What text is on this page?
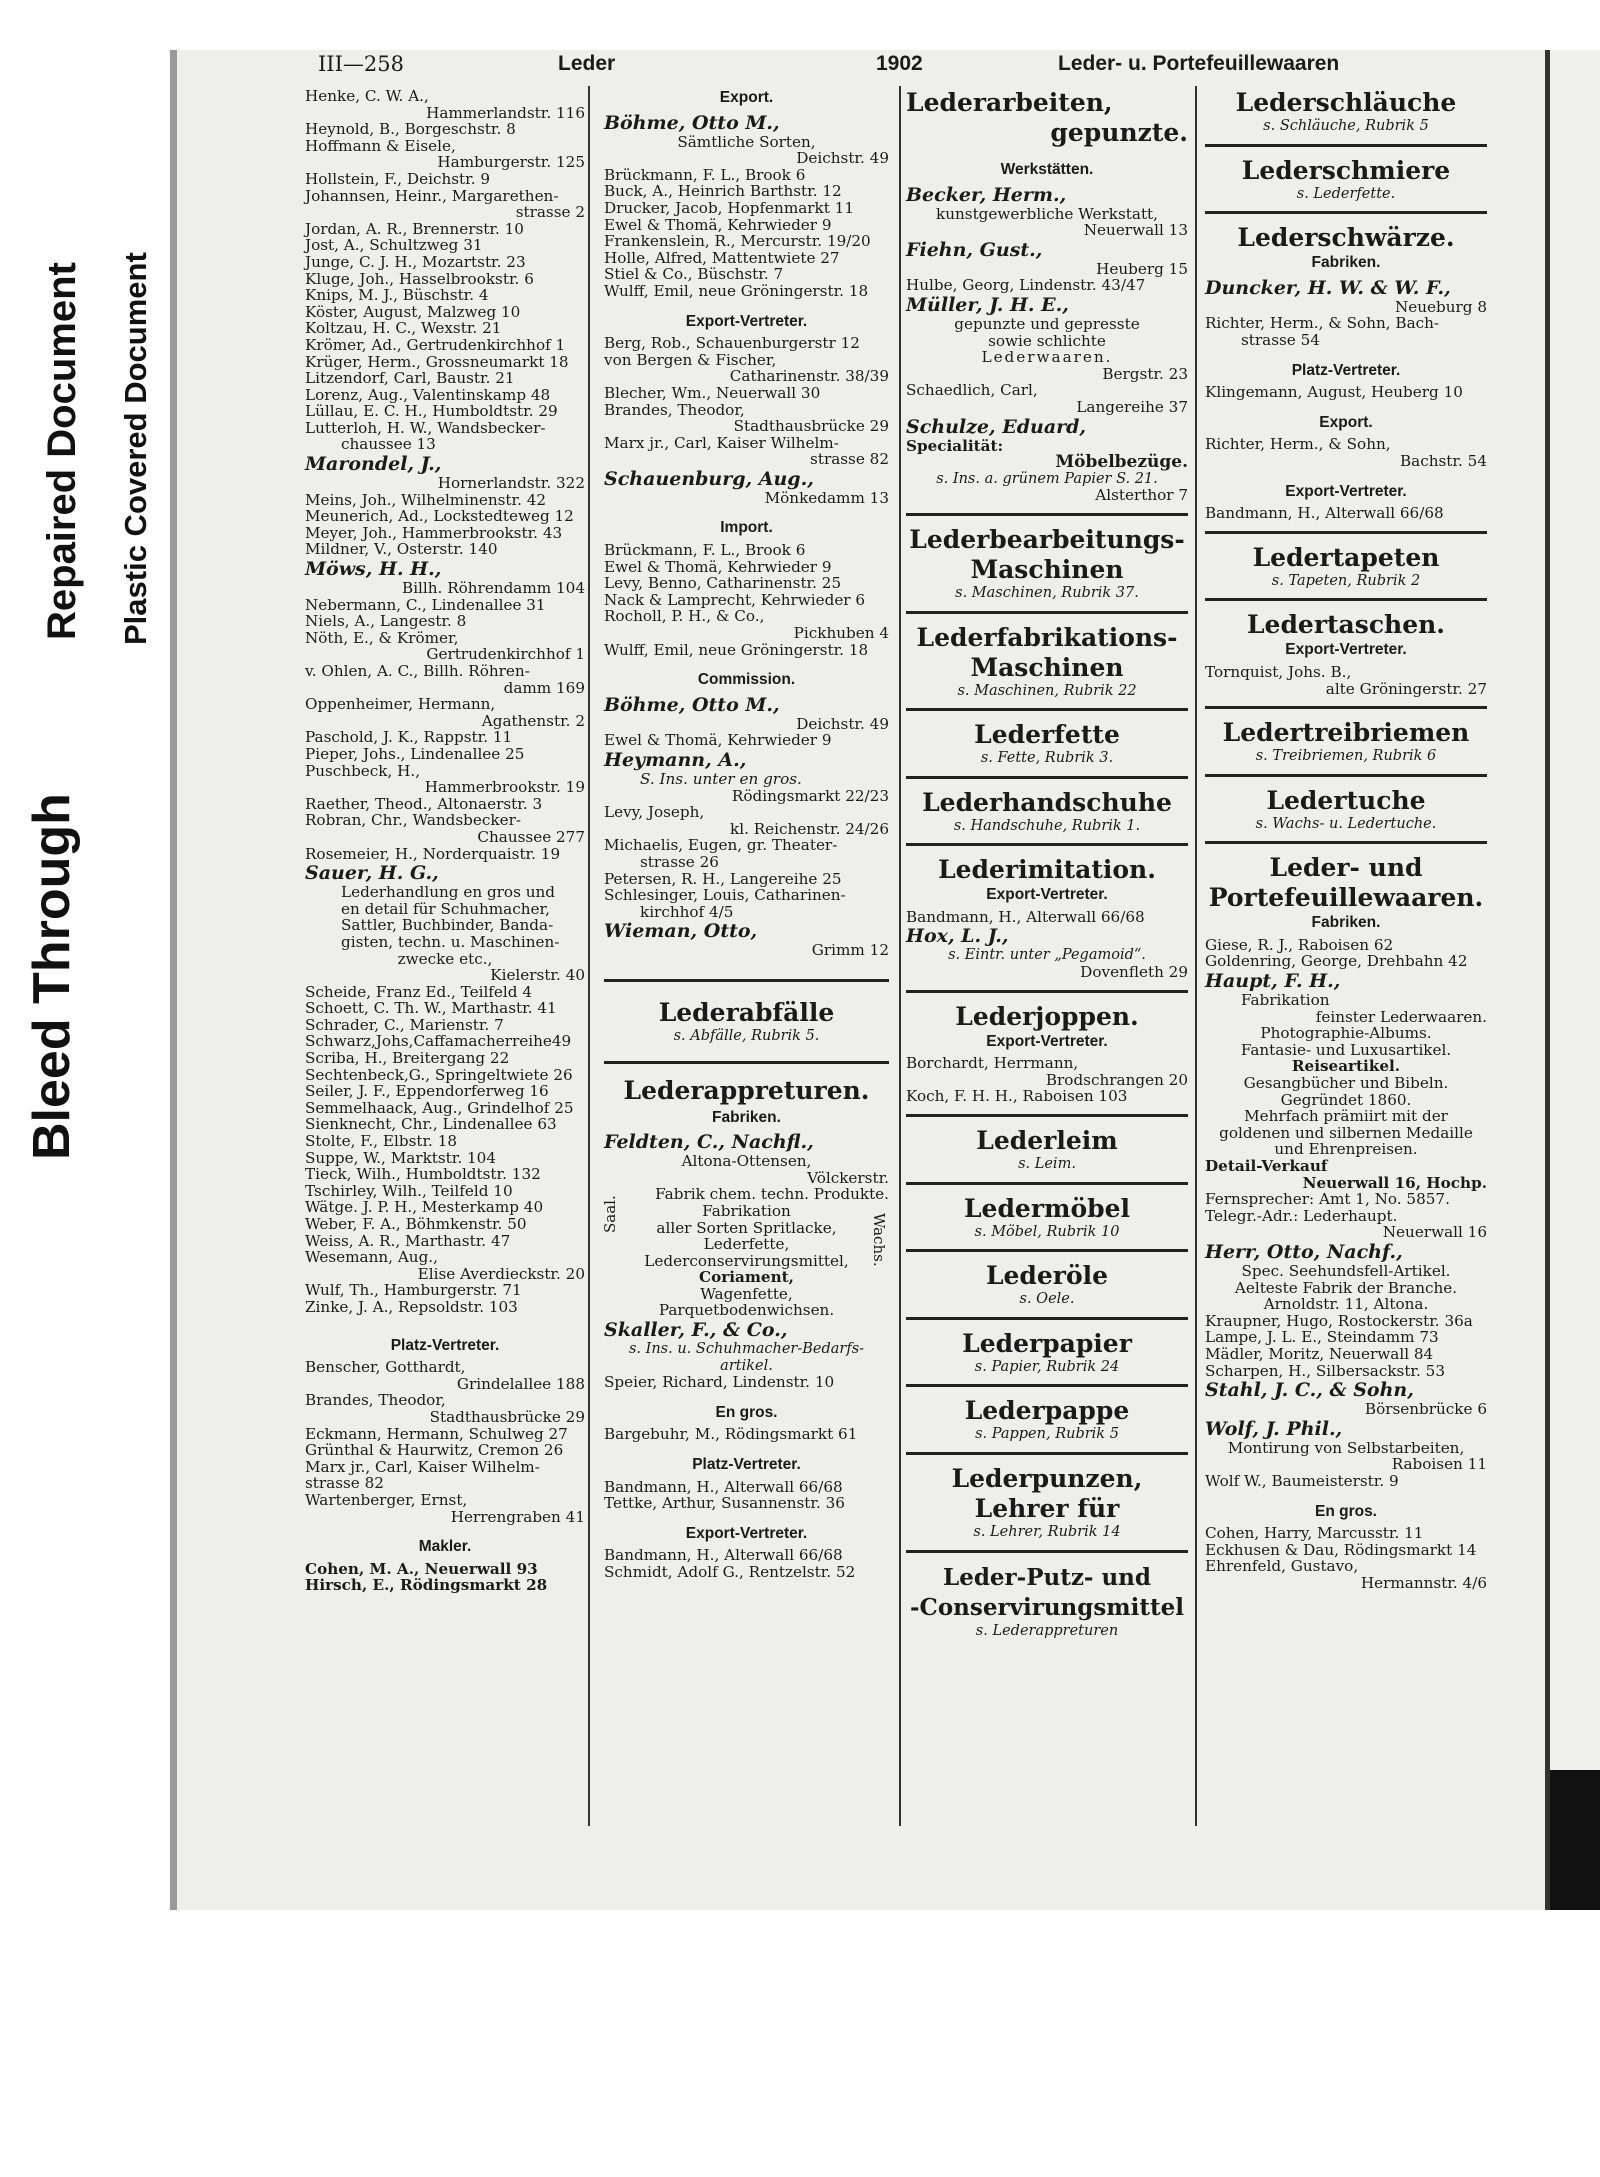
Bleed Through
Repaired Document Plastic Covered Document
III—258	Leder	1902	Leder- u. Portefeuillewaaren
Henke, C. W. A.,
Hammerlandstr. 116
Heynold, B., Borgeschstr. 8
Hoffmann & Eisele,
Hamburgerstr. 125
Hollstein, F., Deichstr. 9
Johannsen, Heinr., Margarethen-
strasse 2
Jordan, A. R., Brennerstr. 10
Jost, A., Schultzweg 31
Junge, C. J. H., Mozartstr. 23
Kluge, Joh., Hasselbrookstr. 6
Knips, M. J., Büschstr. 4
Köster, August, Malzweg 10
Koltzau, H. C., Wexstr. 21
Krömer, Ad., Gertrudenkirchhof 1
Krüger, Herm., Grossneumarkt 18
Litzendorf, Carl, Baustr. 21
Lorenz, Aug., Valentinskamp 48
Lüllau, E. C. H., Humboldtstr. 29
Lutterloh, H. W., Wandsbecker-
chaussee 13
Marondel, J.,
Hornerlandstr. 322
Meins, Joh., Wilhelminenstr. 42
Meunerich, Ad., Lockstedteweg 12
Meyer, Joh., Hammerbrookstr. 43
Mildner, V., Osterstr. 140
Möws, H. H.,
Billh. Röhrendamm 104
Nebermann, C., Lindenallee 31
Niels, A., Langestr. 8
Nöth, E., & Krömer,
Gertrudenkirchhof 1
v. Ohlen, A. C., Billh. Röhren-
damm 169
Oppenheimer, Hermann,
Agathenstr. 2
Paschold, J. K., Rappstr. 11
Pieper, Johs., Lindenallee 25
Puschbeck, H.,
Hammerbrookstr. 19
Raether, Theod., Altonaerstr. 3
Robran, Chr., Wandsbecker-
Chaussee 277
Rosemeier, H., Norderquaistr. 19
Sauer, H. G.,
Lederhandlung en gros und
en detail für Schuhmacher,
Sattler, Buchbinder, Banda-
gisten, techn. u. Maschinen-
zwecke etc.,
Kielerstr. 40
Scheide, Franz Ed., Teilfeld 4
Schoett, C. Th. W., Marthastr. 41
Schrader, C., Marienstr. 7
Schwarz,Johs,Caffamacherreihe49
Scriba, H., Breitergang 22
Sechtenbeck,G., Springeltwiete 26
Seiler, J. F., Eppendorferweg 16
Semmelhaack, Aug., Grindelhof 25
Sienknecht, Chr., Lindenallee 63
Stolte, F., Elbstr. 18
Suppe, W., Marktstr. 104
Tieck, Wilh., Humboldtstr. 132
Tschirley, Wilh., Teilfeld 10
Wätge. J. P. H., Mesterkamp 40
Weber, F. A., Böhmkenstr. 50
Weiss, A. R., Marthastr. 47
Wesemann, Aug.,
Elise Averdieckstr. 20
Wulf, Th., Hamburgerstr. 71
Zinke, J. A., Repsoldstr. 103
Platz-Vertreter.
Benscher, Gotthardt,
Grindelallee 188
Brandes, Theodor,
Stadthausbrücke 29
Eckmann, Hermann, Schulweg 27
Grünthal & Haurwitz, Cremon 26
Marx jr., Carl, Kaiser Wilhelm-
strasse 82
Wartenberger, Ernst,
Herrengraben 41
Makler.
Cohen, M. A., Neuerwall 93
Hirsch, E., Rödingsmarkt 28
Export.
Böhme, Otto M.,
Sämtliche Sorten,
Deichstr. 49
Brückmann, F. L., Brook 6
Buck, A., Heinrich Barthstr. 12
Drucker, Jacob, Hopfenmarkt 11
Ewel & Thomä, Kehrwieder 9
Frankenslein, R., Mercurstr. 19/20
Holle, Alfred, Mattentwiete 27
Stiel & Co., Büschstr. 7
Wulff, Emil, neue Gröningerstr. 18
Export-Vertreter.
Berg, Rob., Schauenburgerstr 12
von Bergen & Fischer,
Catharinenstr. 38/39
Blecher, Wm., Neuerwall 30
Brandes, Theodor,
Stadthausbrücke 29
Marx jr., Carl, Kaiser Wilhelm-
strasse 82
Schauenburg, Aug.,
Mönkedamm 13
Import.
Brückmann, F. L., Brook 6
Ewel & Thomä, Kehrwieder 9
Levy, Benno, Catharinenstr. 25
Nack & Lamprecht, Kehrwieder 6
Rocholl, P. H., & Co.,
Pickhuben 4
Wulff, Emil, neue Gröningerstr. 18
Commission.
Böhme, Otto M.,
Deichstr. 49
Ewel & Thomä, Kehrwieder 9
Heymann, A.,
S. Ins. unter en gros.
Rödingsmarkt 22/23
Levy, Joseph,
kl. Reichenstr. 24/26
Michaelis, Eugen, gr. Theater-
strasse 26
Petersen, R. H., Langereihe 25
Schlesinger, Louis, Catharinen-
kirchhof 4/5
Wieman, Otto,
Grimm 12
Lederabfälle
s. Abfälle, Rubrik 5.
Lederappreturen.
Fabriken.
Feldten, C., Nachfl.,
Altona-Ottensen,
Völckerstr.
Fabrik chem. techn. Produkte.
Fabrikation
aller Sorten Spritlacke,
Lederfette,
Lederconservirungsmittel,
Coriament,
Wagenfette,
Parquetbodenwichsen.
Saal.	Wachs.
Skaller, F., & Co.,
s. Ins. u. Schuhmacher-Bedarfs-
artikel.
Speier, Richard, Lindenstr. 10
En gros.
Bargebuhr, M., Rödingsmarkt 61
Platz-Vertreter.
Bandmann, H., Alterwall 66/68
Tettke, Arthur, Susannenstr. 36
Export-Vertreter.
Bandmann, H., Alterwall 66/68
Schmidt, Adolf G., Rentzelstr. 52
Lederarbeiten,
gepunzte.
Werkstätten.
Becker, Herm.,
kunstgewerbliche Werkstatt,
Neuerwall 13
Fiehn, Gust.,
Heuberg 15
Hulbe, Georg, Lindenstr. 43/47
Müller, J. H. E.,
gepunzte und gepresste
sowie schlichte
Lederwaaren.
Bergstr. 23
Schaedlich, Carl,
Langereihe 37
Schulze, Eduard,
Specialität:
Möbelbezüge.
s. Ins. a. grünem Papier S. 21.
Alsterthor 7
Lederbearbeitungs-
Maschinen
s. Maschinen, Rubrik 37.
Lederfabrikations-
Maschinen
s. Maschinen, Rubrik 22
Lederfette
s. Fette, Rubrik 3.
Lederhandschuhe
s. Handschuhe, Rubrik 1.
Lederimitation.
Export-Vertreter.
Bandmann, H., Alterwall 66/68
Hox, L. J.,
s. Eintr. unter „Pegamoid“.
Dovenfleth 29
Lederjoppen.
Export-Vertreter.
Borchardt, Herrmann,
Brodschrangen 20
Koch, F. H. H., Raboisen 103
Lederleim
s. Leim.
Ledermöbel
s. Möbel, Rubrik 10
Lederöle
s. Oele.
Lederpapier
s. Papier, Rubrik 24
Lederpappe
s. Pappen, Rubrik 5
Lederpunzen,
Lehrer für
s. Lehrer, Rubrik 14
Leder-Putz- und
-Conservirungsmittel
s. Lederappreturen
Lederschläuche
s. Schläuche, Rubrik 5
Lederschmiere
s. Lederfette.
Lederschwärze.
Fabriken.
Duncker, H. W. & W. F.,
Neueburg 8
Richter, Herm., & Sohn, Bach-
strasse 54
Platz-Vertreter.
Klingemann, August, Heuberg 10
Export.
Richter, Herm., & Sohn,
Bachstr. 54
Export-Vertreter.
Bandmann, H., Alterwall 66/68
Ledertapeten
s. Tapeten, Rubrik 2
Ledertaschen.
Export-Vertreter.
Tornquist, Johs. B.,
alte Gröningerstr. 27
Ledertreibriemen
s. Treibriemen, Rubrik 6
Ledertuche
s. Wachs- u. Ledertuche.
Leder- und
Portefeuillewaaren.
Fabriken.
Giese, R. J., Raboisen 62
Goldenring, George, Drehbahn 42
Haupt, F. H.,
Fabrikation
feinster Lederwaaren.
Photographie-Albums.
Fantasie- und Luxusartikel.
Reiseartikel.
Gesangbücher und Bibeln.
Gegründet 1860.
Mehrfach prämiirt mit der
goldenen und silbernen Medaille
und Ehrenpreisen.
Detail-Verkauf
Neuerwall 16, Hochp.
Fernsprecher: Amt 1, No. 5857.
Telegr.-Adr.: Lederhaupt.
Neuerwall 16
Herr, Otto, Nachf.,
Spec. Seehundsfell-Artikel.
Aelteste Fabrik der Branche.
Arnoldstr. 11, Altona.
Kraupner, Hugo, Rostockerstr. 36a
Lampe, J. L. E., Steindamm 73
Mädler, Moritz, Neuerwall 84
Scharpen, H., Silbersackstr. 53
Stahl, J. C., & Sohn,
Börsenbrücke 6
Wolf, J. Phil.,
Montirung von Selbstarbeiten,
Raboisen 11
Wolf W., Baumeisterstr. 9
En gros.
Cohen, Harry, Marcusstr. 11
Eckhusen & Dau, Rödingsmarkt 14
Ehrenfeld, Gustavo,
Hermannstr. 4/6
